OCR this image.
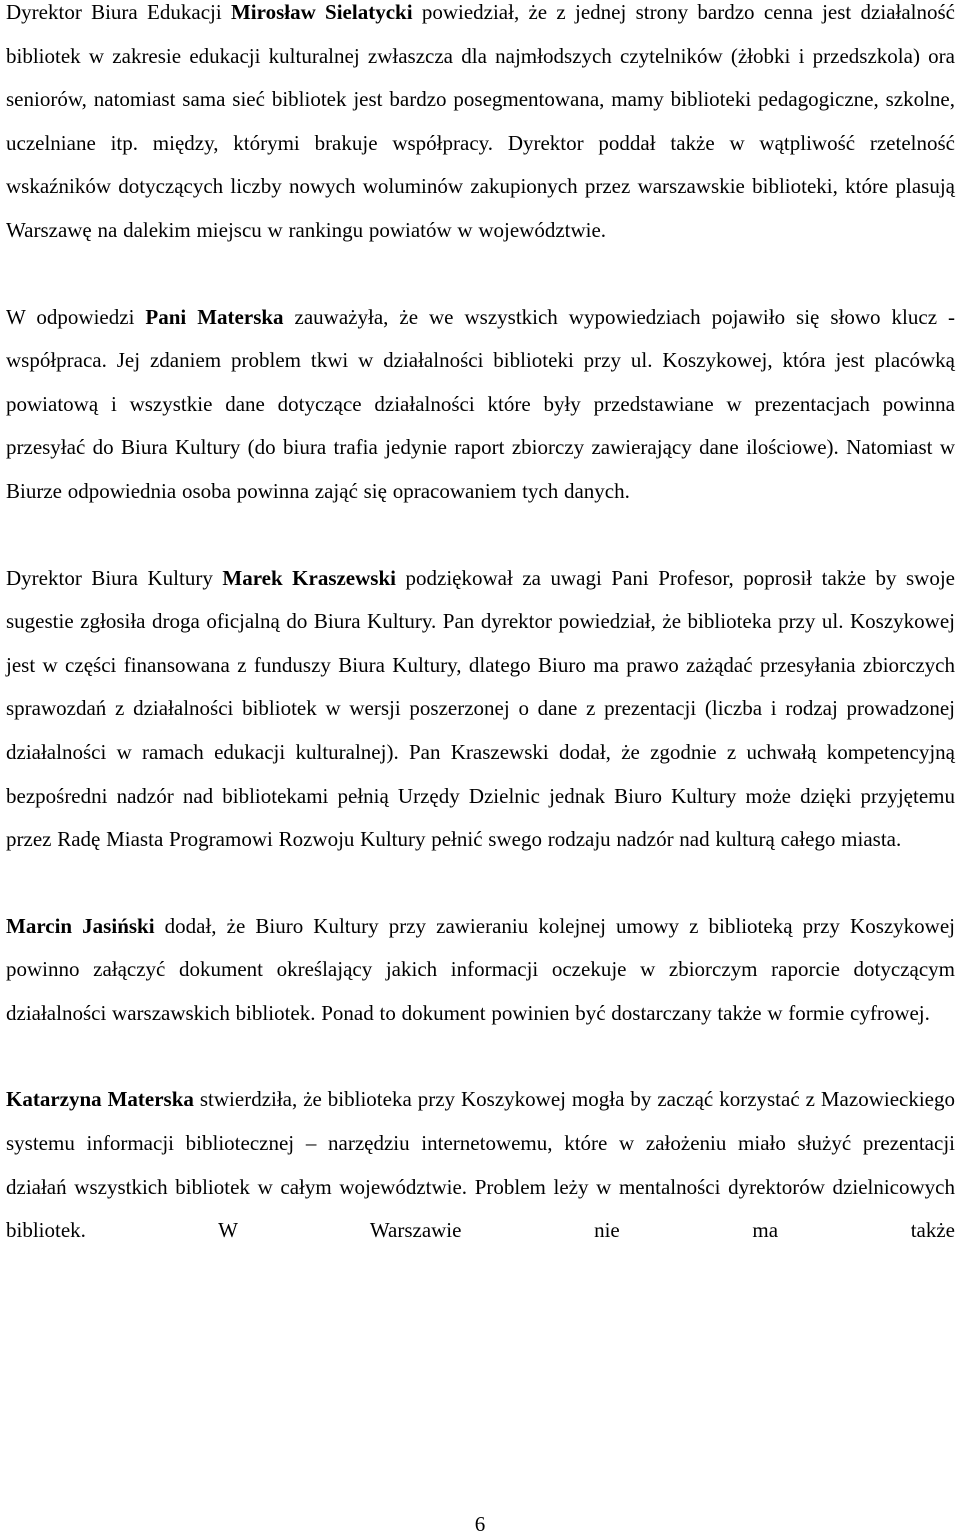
Dyrektor Biura Edukacji Mirosław Sielatycki powiedział, że z jednej strony bardzo cenna jest działalność bibliotek w zakresie edukacji kulturalnej zwłaszcza dla najmłodszych czytelników (żłobki i przedszkola) ora seniorów, natomiast sama sieć bibliotek jest bardzo posegmentowana, mamy biblioteki pedagogiczne, szkolne, uczelniane itp. między, którymi brakuje współpracy. Dyrektor poddał także w wątpliwość rzetelność wskaźników dotyczących liczby nowych woluminów zakupionych przez warszawskie biblioteki, które plasują Warszawę na dalekim miejscu w rankingu powiatów w województwie.

W odpowiedzi Pani Materska zauważyła, że we wszystkich wypowiedziach pojawiło się słowo klucz - współpraca. Jej zdaniem problem tkwi w działalności biblioteki przy ul. Koszykowej, która jest placówką powiatową i wszystkie dane dotyczące działalności które były przedstawiane w prezentacjach powinna przesyłać do Biura Kultury (do biura trafia jedynie raport zbiorczy zawierający dane ilościowe). Natomiast w Biurze odpowiednia osoba powinna zająć się opracowaniem tych danych.

Dyrektor Biura Kultury Marek Kraszewski podziękował za uwagi Pani Profesor, poprosił także by swoje sugestie zgłosiła droga oficjalną do Biura Kultury. Pan dyrektor powiedział, że biblioteka przy ul. Koszykowej jest w części finansowana z funduszy Biura Kultury, dlatego Biuro ma prawo zażądać przesyłania zbiorczych sprawozdań z działalności bibliotek w wersji poszerzonej o dane z prezentacji (liczba i rodzaj prowadzonej działalności w ramach edukacji kulturalnej). Pan Kraszewski dodał, że zgodnie z uchwałą kompetencyjną bezpośredni nadzór nad bibliotekami pełnią Urzędy Dzielnic jednak Biuro Kultury może dzięki przyjętemu przez Radę Miasta Programowi Rozwoju Kultury pełnić swego rodzaju nadzór nad kulturą całego miasta.

Marcin Jasiński dodał, że Biuro Kultury przy zawieraniu kolejnej umowy z biblioteką przy Koszykowej powinno załączyć dokument określający jakich informacji oczekuje w zbiorczym raporcie dotyczącym działalności warszawskich bibliotek. Ponad to dokument powinien być dostarczany także w formie cyfrowej.

Katarzyna Materska stwierdziła, że biblioteka przy Koszykowej mogła by zacząć korzystać z Mazowieckiego systemu informacji bibliotecznej – narzędziu internetowemu, które w założeniu miało służyć prezentacji działań wszystkich bibliotek w całym województwie. Problem leży w mentalności dyrektorów dzielnicowych bibliotek. W Warszawie nie ma także

6
